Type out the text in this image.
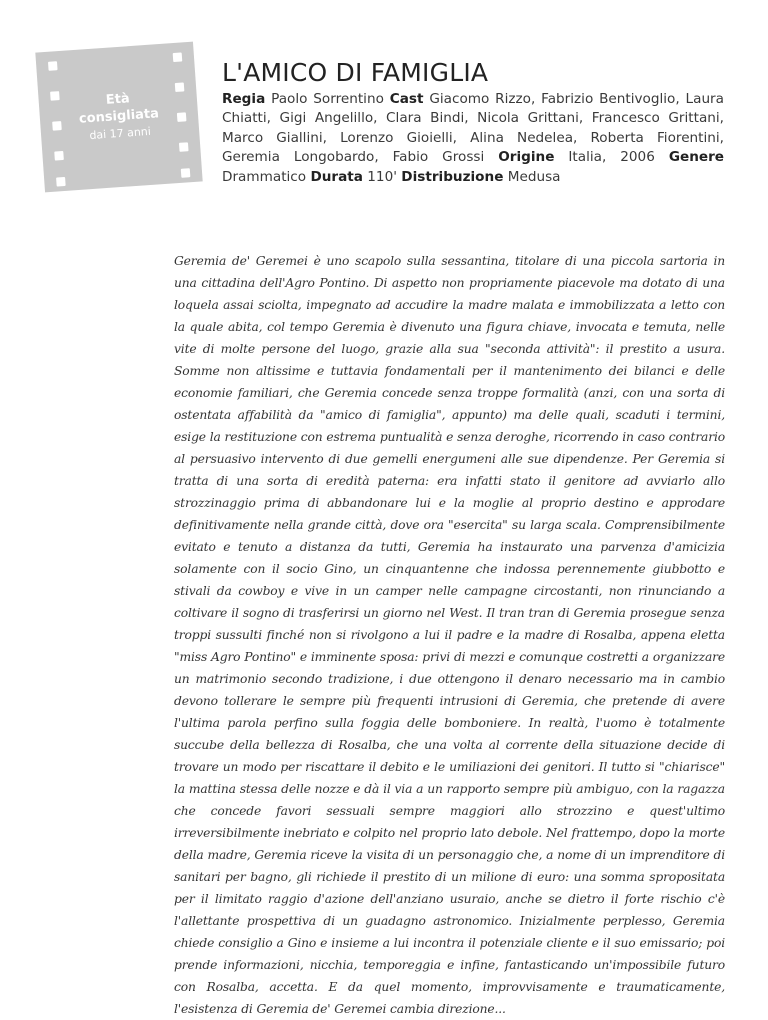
Età
consigliata
dai 17 anni
L'AMICO DI FAMIGLIA

Regia Paolo Sorrentino Cast Giacomo Rizzo, Fabrizio Bentivoglio, Laura Chiatti, Gigi Angelillo, Clara Bindi, Nicola Grittani, Francesco Grittani, Marco Giallini, Lorenzo Gioielli, Alina Nedelea, Roberta Fiorentini, Geremia Longobardo, Fabio Grossi Origine Italia, 2006 Genere Drammatico Durata 110' Distribuzione Medusa

Geremia de' Geremei è uno scapolo sulla sessantina, titolare di una piccola sartoria in una cittadina dell'Agro Pontino. Di aspetto non propriamente piacevole ma dotato di una loquela assai sciolta, impegnato ad accudire la madre malata e immobilizzata a letto con la quale abita, col tempo Geremia è divenuto una figura chiave, invocata e temuta, nelle vite di molte persone del luogo, grazie alla sua "seconda attività": il prestito a usura. Somme non altissime e tuttavia fondamentali per il mantenimento dei bilanci e delle economie familiari, che Geremia concede senza troppe formalità (anzi, con una sorta di ostentata affabilità da "amico di famiglia", appunto) ma delle quali, scaduti i termini, esige la restituzione con estrema puntualità e senza deroghe, ricorrendo in caso contrario al persuasivo intervento di due gemelli energumeni alle sue dipendenze. Per Geremia si tratta di una sorta di eredità paterna: era infatti stato il genitore ad avviarlo allo strozzinaggio prima di abbandonare lui e la moglie al proprio destino e approdare definitivamente nella grande città, dove ora "esercita" su larga scala. Comprensibilmente evitato e tenuto a distanza da tutti, Geremia ha instaurato una parvenza d'amicizia solamente con il socio Gino, un cinquantenne che indossa perennemente giubbotto e stivali da cowboy e vive in un camper nelle campagne circostanti, non rinunciando a coltivare il sogno di trasferirsi un giorno nel West. Il tran tran di Geremia prosegue senza troppi sussulti finché non si rivolgono a lui il padre e la madre di Rosalba, appena eletta "miss Agro Pontino" e imminente sposa: privi di mezzi e comunque costretti a organizzare un matrimonio secondo tradizione, i due ottengono il denaro necessario ma in cambio devono tollerare le sempre più frequenti intrusioni di Geremia, che pretende di avere l'ultima parola perfino sulla foggia delle bomboniere. In realtà, l'uomo è totalmente succube della bellezza di Rosalba, che una volta al corrente della situazione decide di trovare un modo per riscattare il debito e le umiliazioni dei genitori. Il tutto si "chiarisce" la mattina stessa delle nozze e dà il via a un rapporto sempre più ambiguo, con la ragazza che concede favori sessuali sempre maggiori allo strozzino e quest'ultimo irreversibilmente inebriato e colpito nel proprio lato debole. Nel frattempo, dopo la morte della madre, Geremia riceve la visita di un personaggio che, a nome di un imprenditore di sanitari per bagno, gli richiede il prestito di un milione di euro: una somma spropositata per il limitato raggio d'azione dell'anziano usuraio, anche se dietro il forte rischio c'è l'allettante prospettiva di un guadagno astronomico. Inizialmente perplesso, Geremia chiede consiglio a Gino e insieme a lui incontra il potenziale cliente e il suo emissario; poi prende informazioni, nicchia, temporeggia e infine, fantasticando un'impossibile futuro con Rosalba, accetta. E da quel momento, improvvisamente e traumaticamente, l'esistenza di Geremia de' Geremei cambia direzione...
